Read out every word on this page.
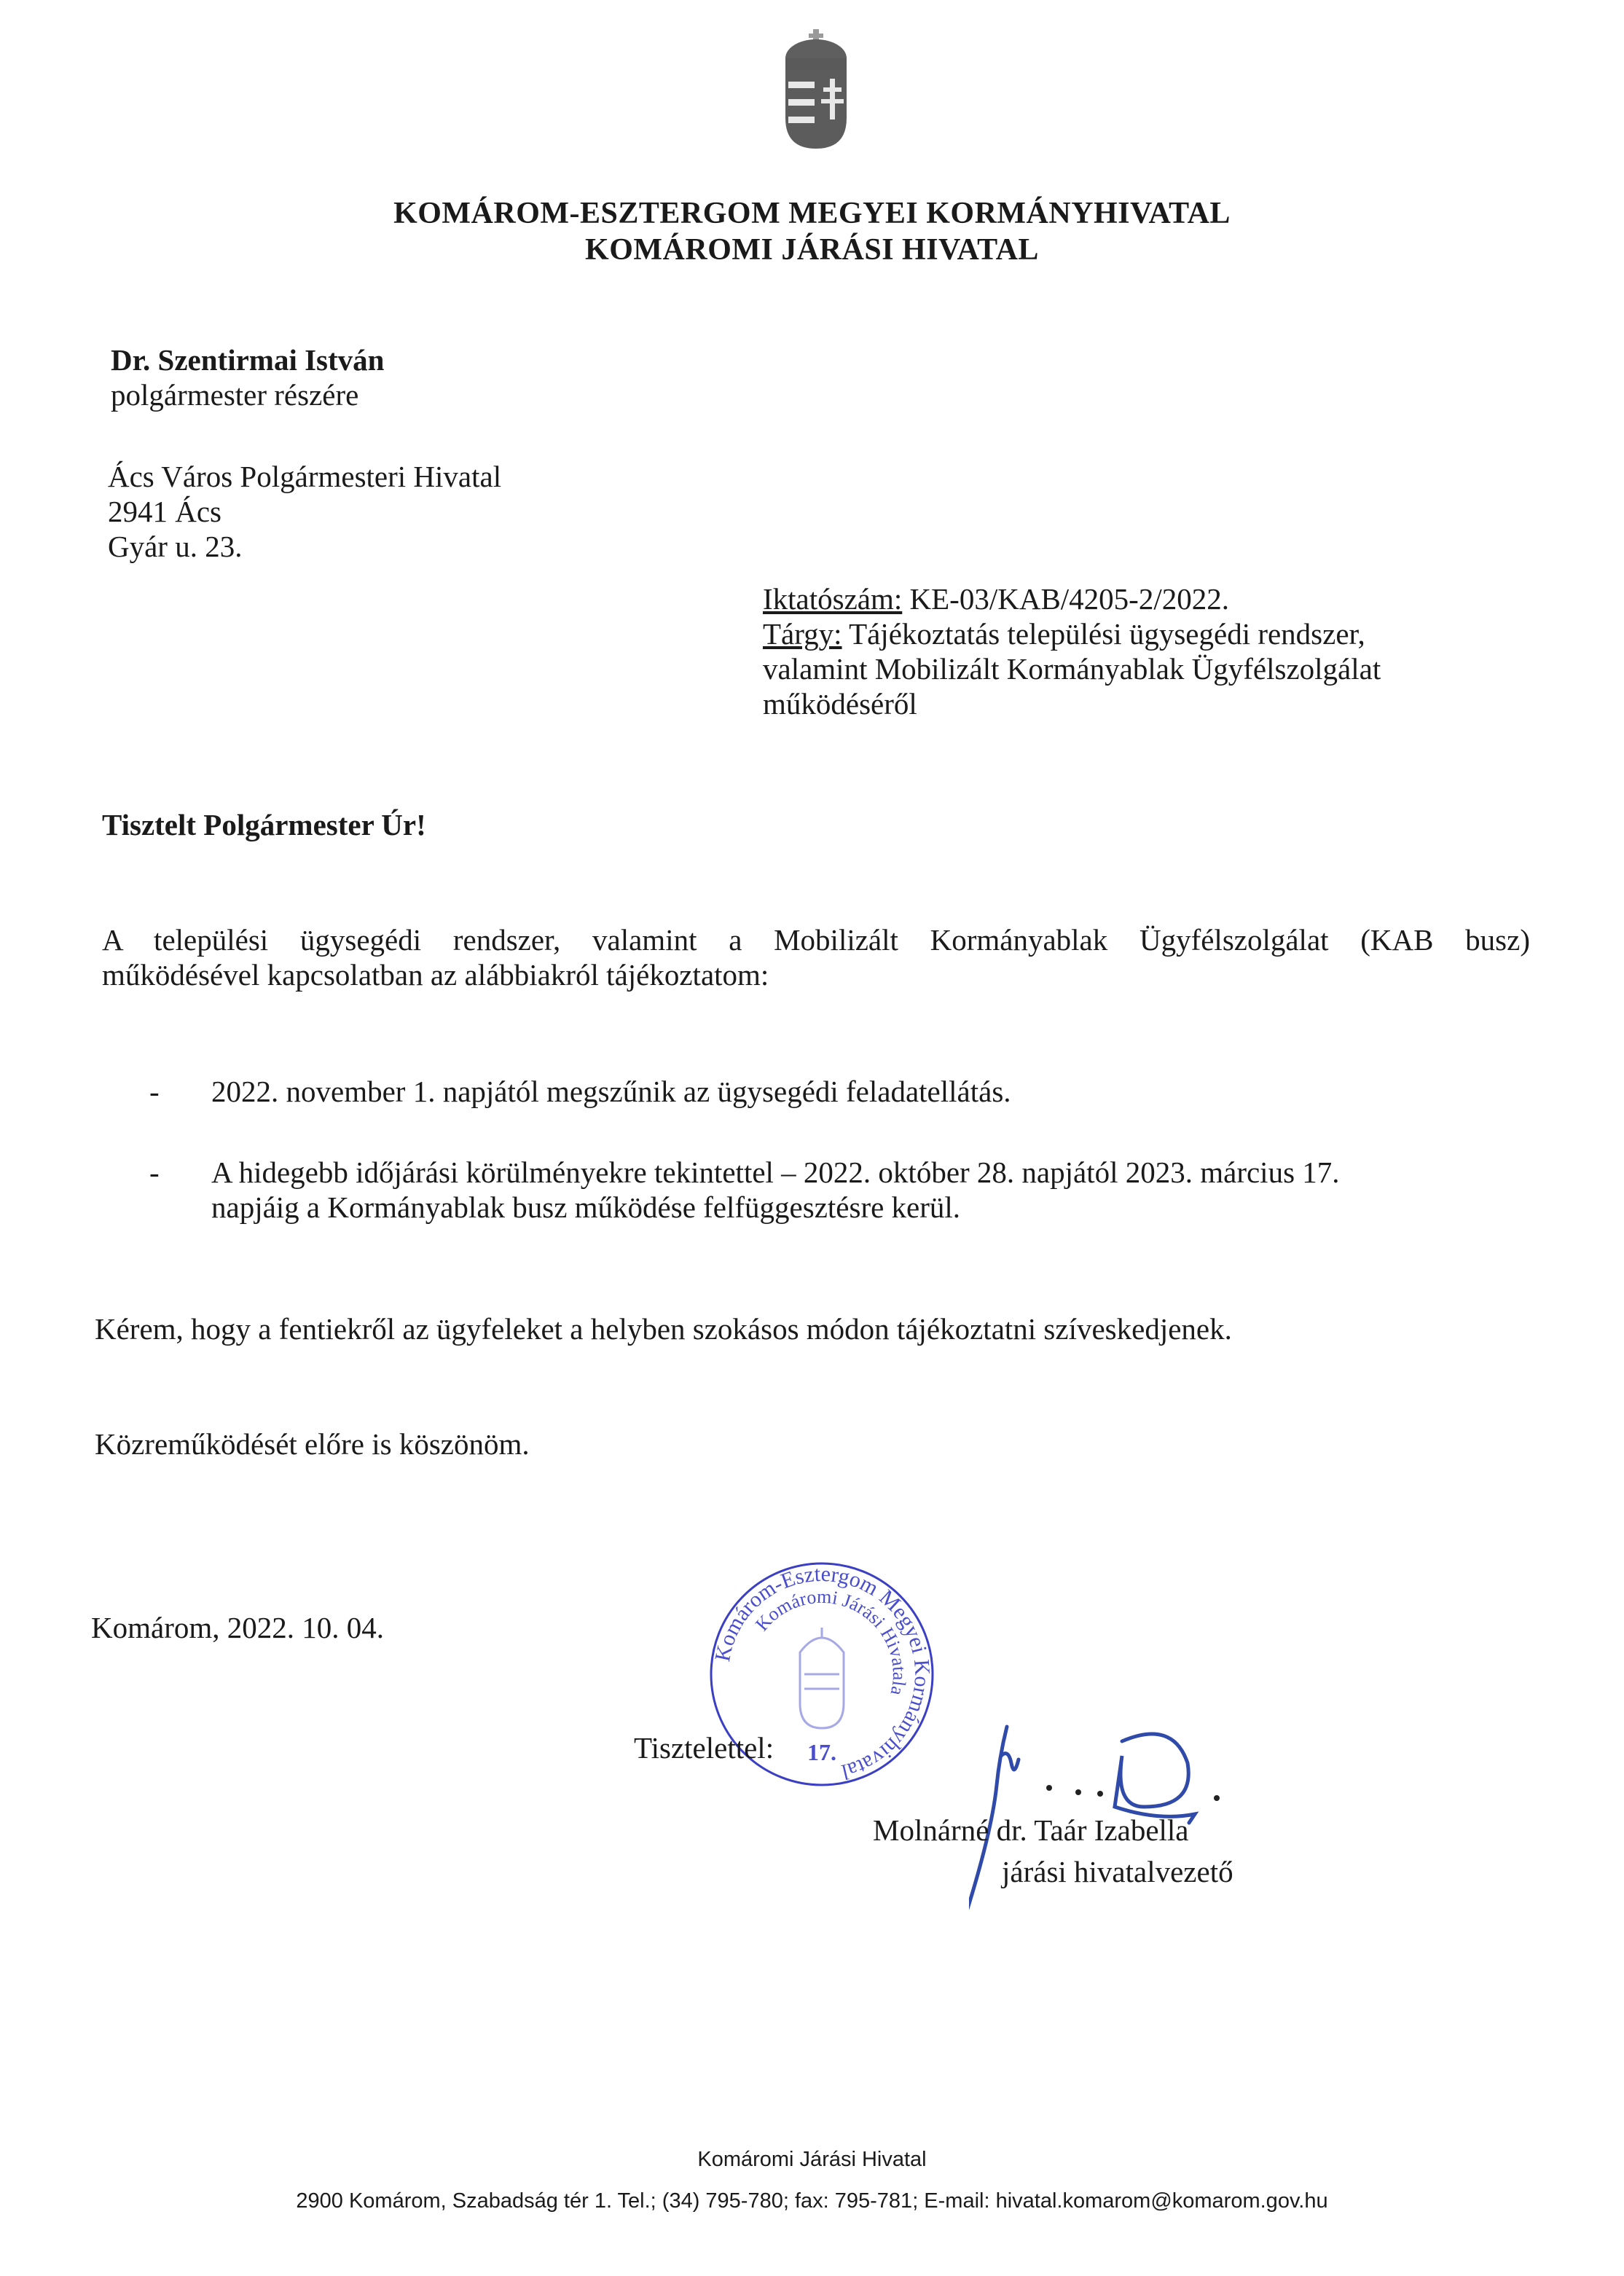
KOMÁROM-ESZTERGOM MEGYEI KORMÁNYHIVATAL
KOMÁROMI JÁRÁSI HIVATAL
Dr. Szentirmai István
polgármester részére
Ács Város Polgármesteri Hivatal
2941 Ács
Gyár u. 23.
Iktatószám: KE-03/KAB/4205-2/2022.
Tárgy: Tájékoztatás települési ügysegédi rendszer,
valamint Mobilizált Kormányablak Ügyfélszolgálat
működéséről
Tisztelt Polgármester Úr!
A települési ügysegédi rendszer, valamint a Mobilizált Kormányablak Ügyfélszolgálat (KAB busz)
működésével kapcsolatban az alábbiakról tájékoztatom:
- 2022. november 1. napjától megszűnik az ügysegédi feladatellátás.
- A hidegebb időjárási körülményekre tekintettel – 2022. október 28. napjától 2023. március 17.
napjáig a Kormányablak busz működése felfüggesztésre kerül.
Kérem, hogy a fentiekről az ügyfeleket a helyben szokásos módon tájékoztatni szíveskedjenek.
Közreműködését előre is köszönöm.
Komárom, 2022. 10. 04.
Komárom-Esztergom Megyei Kormányhivatal
Komáromi Járási Hivatala
17.
Tisztelettel:
Molnárné dr. Taár Izabella
járási hivatalvezető
Komáromi Járási Hivatal
2900 Komárom, Szabadság tér 1. Tel.; (34) 795-780; fax: 795-781; E-mail: hivatal.komarom@komarom.gov.hu
